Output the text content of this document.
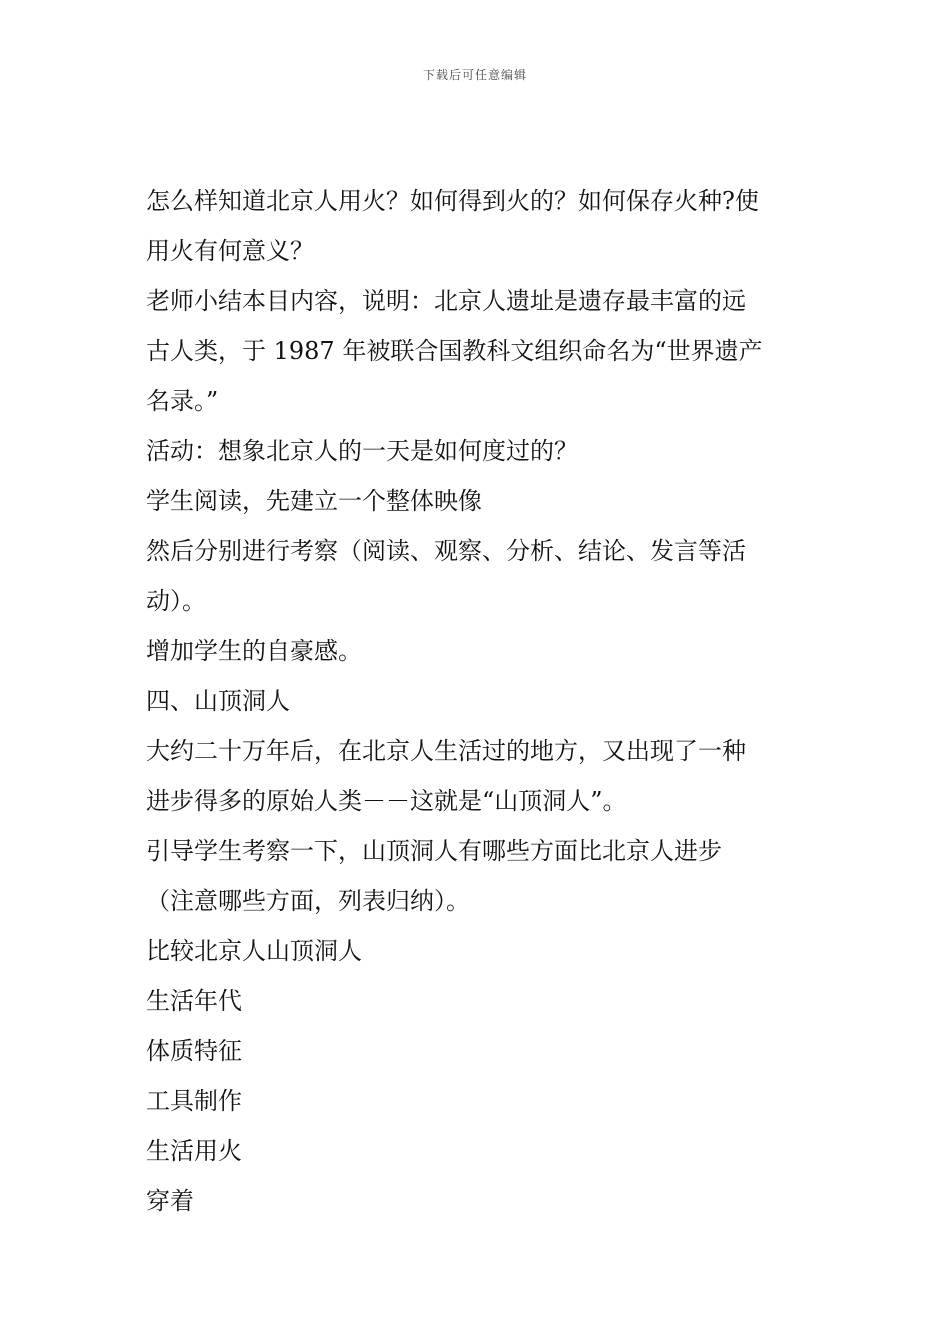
下载后可任意编辑
怎么样知道北京人用火？如何得到火的？如何保存火种?使
用火有何意义？
老师小结本目内容，说明：北京人遗址是遗存最丰富的远
古人类，于 1987 年被联合国教科文组织命名为“世界遗产
名录。”
活动：想象北京人的一天是如何度过的？
学生阅读，先建立一个整体映像
然后分别进行考察（阅读、观察、分析、结论、发言等活
动）。
增加学生的自豪感。
四、山顶洞人
大约二十万年后，在北京人生活过的地方，又出现了一种
进步得多的原始人类－－这就是“山顶洞人”。
引导学生考察一下，山顶洞人有哪些方面比北京人进步
（注意哪些方面，列表归纳）。
比较北京人山顶洞人
生活年代
体质特征
工具制作
生活用火
穿着
